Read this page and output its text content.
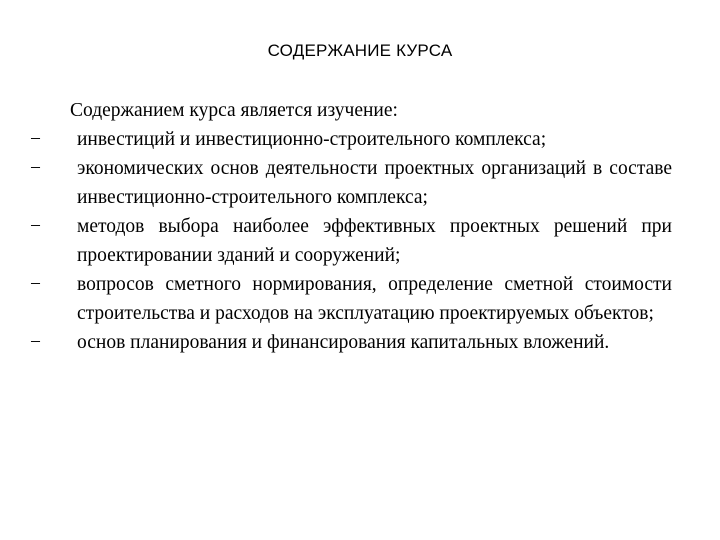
СОДЕРЖАНИЕ КУРСА

Содержанием курса является изучение:

−	инвестиций и инвестиционно-строительного комплекса;
−	экономических основ деятельности проектных организаций в составе инвестиционно-строительного комплекса;
−	методов выбора наиболее эффективных проектных решений при проектировании зданий и сооружений;
−	вопросов сметного нормирования, определение сметной стоимости строительства и расходов на эксплуатацию проектируемых объектов;
−	основ планирования и финансирования капитальных вложений.
